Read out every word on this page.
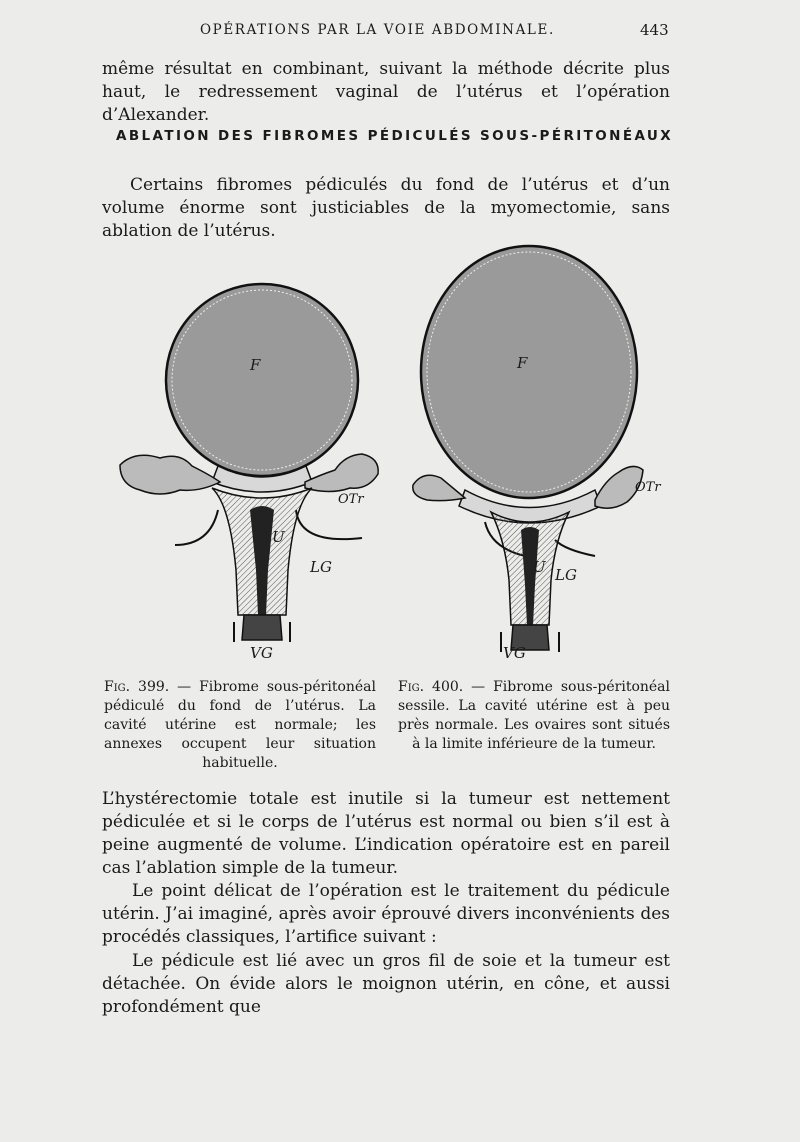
OPÉRATIONS PAR LA VOIE ABDOMINALE.	443

même résultat en combinant, suivant la méthode décrite plus haut, le redressement vaginal de l’utérus et l’opération d’Alexander.

ABLATION DES FIBROMES PÉDICULÉS SOUS-PÉRITONÉAUX

Certains fibromes pédiculés du fond de l’utérus et d’un volume énorme sont justiciables de la myomectomie, sans ablation de l’utérus.

F
OTr
U
LG
VG
F
OTr
U LG
VG

Fig. 399. — Fibrome sous-péritonéal pédiculé du fond de l’utérus. La cavité utérine est normale; les annexes occupent leur situation habituelle.

Fig. 400. — Fibrome sous-péritonéal sessile. La cavité utérine est à peu près normale. Les ovaires sont situés à la limite inférieure de la tumeur.

L’hystérectomie totale est inutile si la tumeur est nettement pédiculée et si le corps de l’utérus est normal ou bien s’il est à peine augmenté de volume. L’indication opératoire est en pareil cas l’ablation simple de la tumeur.

Le point délicat de l’opération est le traitement du pédicule utérin. J’ai imaginé, après avoir éprouvé divers inconvénients des procédés classiques, l’artifice suivant :

Le pédicule est lié avec un gros fil de soie et la tumeur est détachée. On évide alors le moignon utérin, en cône, et aussi profondément que
